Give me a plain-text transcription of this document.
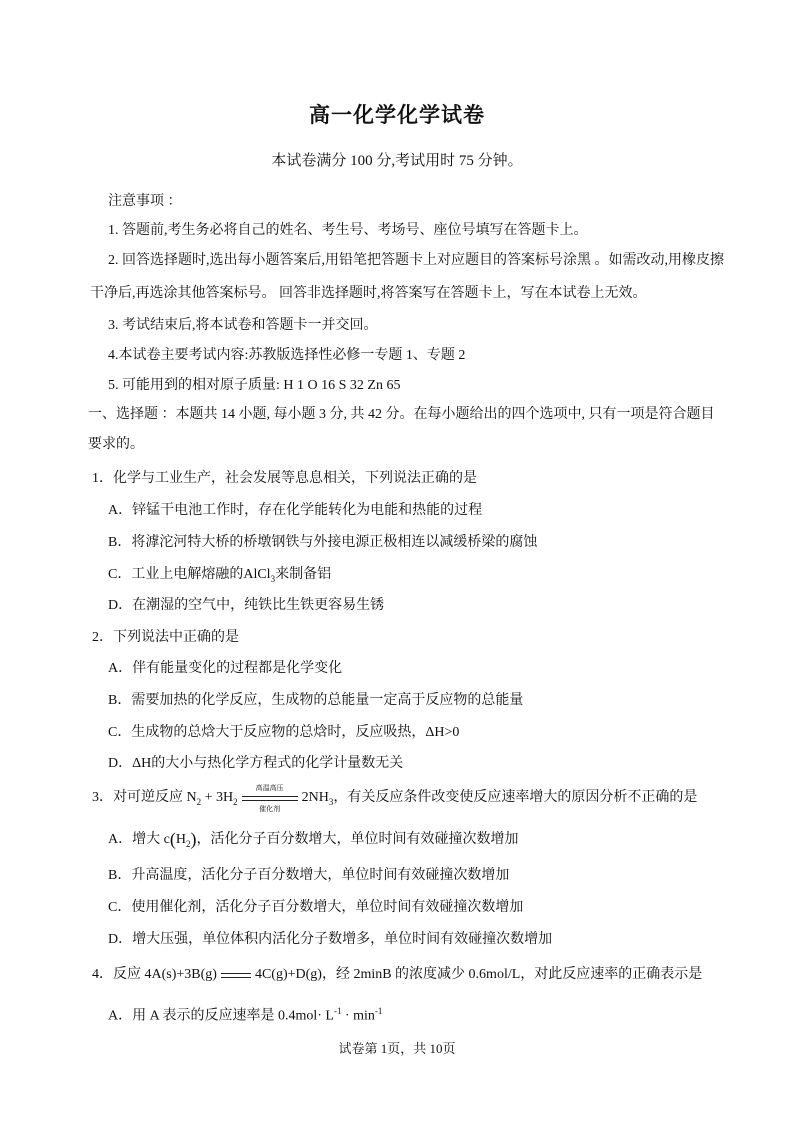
高一化学化学试卷
本试卷满分 100 分,考试用时 75 分钟。
注意事项 ：
1. 答题前,考生务必将自己的姓名、考生号、考场号、座位号填写在答题卡上。
2. 回答选择题时,选出每小题答案后,用铅笔把答题卡上对应题目的答案标号涂黑 。如需改动,用橡皮擦
干净后,再选涂其他答案标号。 回答非选择题时,将答案写在答题卡上，写在本试卷上无效。
3. 考试结束后,将本试卷和答题卡一并交回。
4.本试卷主要考试内容:苏教版选择性必修一专题 1、专题 2
5. 可能用到的相对原子质量: H 1 O 16 S 32 Zn 65
一、选择题 ：本题共 14 小题, 每小题 3 分, 共 42 分。在每小题给出的四个选项中, 只有一项是符合题目
要求的。
1．化学与工业生产，社会发展等息息相关，下列说法正确的是
A．锌锰干电池工作时，存在化学能转化为电能和热能的过程
B．将滹沱河特大桥的桥墩钢铁与外接电源正极相连以减缓桥梁的腐蚀
C．工业上电解熔融的AlCl$_3$来制备铝
D．在潮湿的空气中，纯铁比生铁更容易生锈
2．下列说法中正确的是
A．伴有能量变化的过程都是化学变化
B．需要加热的化学反应，生成物的总能量一定高于反应物的总能量
C．生成物的总焓大于反应物的总焓时，反应吸热，ΔH>0
D．ΔH的大小与热化学方程式的化学计量数无关
3．对可逆反应 $N_2 + 3H_2$
高温高压
催化剂
$2NH_3$，有关反应条件改变使反应速率增大的原因分析不正确的是
A．增大 $c(H_2)$，活化分子百分数增大，单位时间有效碰撞次数增加
B．升高温度，活化分子百分数增大，单位时间有效碰撞次数增加
C．使用催化剂，活化分子百分数增大，单位时间有效碰撞次数增加
D．增大压强，单位体积内活化分子数增多，单位时间有效碰撞次数增加
4．反应 4A(s)+3B(g)	4C(g)+D(g)，经 2minB 的浓度减少 0.6mol/L，对此反应速率的正确表示是
A．用 A 表示的反应速率是 $0.4mol\cdot L^{-1} \cdot \min^{-1}$
试卷第 1页，共 10页
